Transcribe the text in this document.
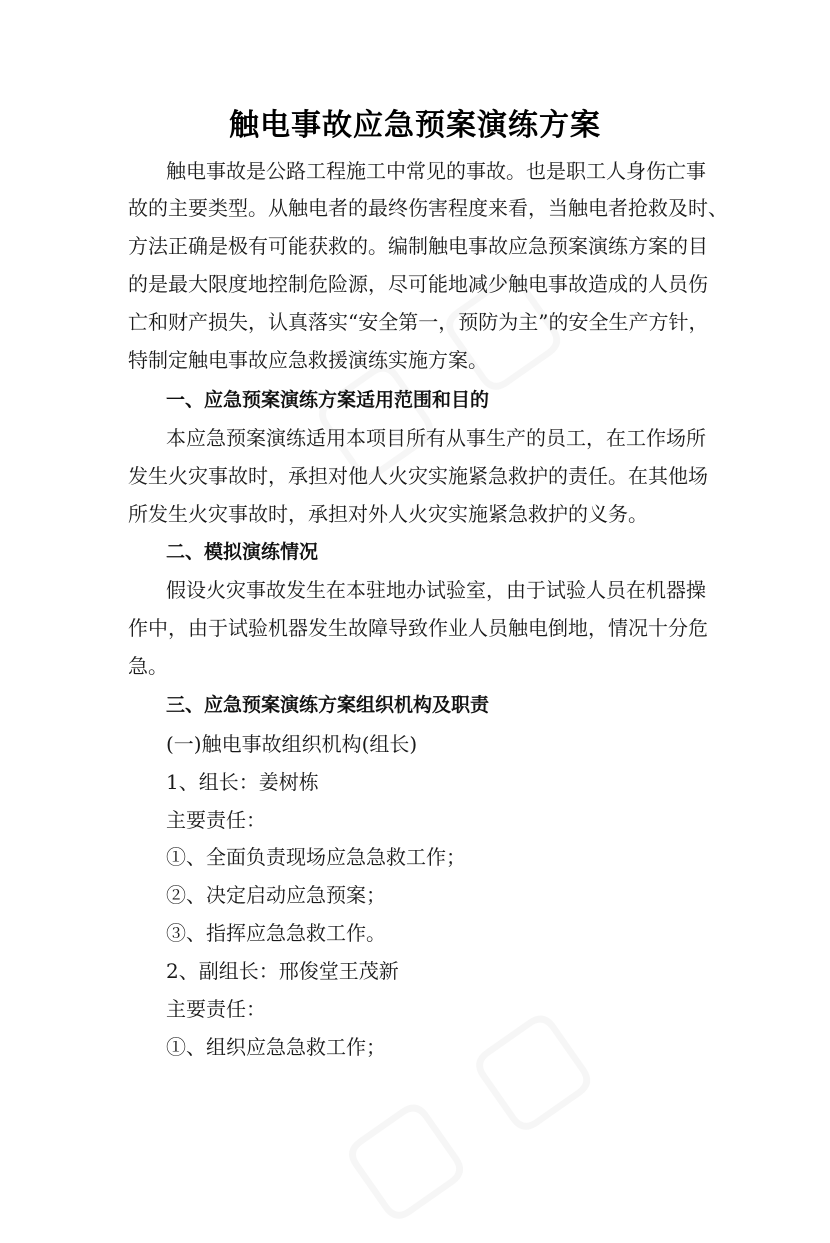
触电事故应急预案演练方案

触电事故是公路工程施工中常见的事故。也是职工人身伤亡事

故的主要类型。从触电者的最终伤害程度来看，当触电者抢救及时、

方法正确是极有可能获救的。编制触电事故应急预案演练方案的目

的是最大限度地控制危险源，尽可能地减少触电事故造成的人员伤

亡和财产损失，认真落实“安全第一，预防为主”的安全生产方针，

特制定触电事故应急救援演练实施方案。

一、应急预案演练方案适用范围和目的

本应急预案演练适用本项目所有从事生产的员工，在工作场所

发生火灾事故时，承担对他人火灾实施紧急救护的责任。在其他场

所发生火灾事故时，承担对外人火灾实施紧急救护的义务。

二、模拟演练情况

假设火灾事故发生在本驻地办试验室，由于试验人员在机器操

作中，由于试验机器发生故障导致作业人员触电倒地，情况十分危

急。

三、应急预案演练方案组织机构及职责

(一)触电事故组织机构(组长)

1、组长：姜树栋

主要责任：

①、全面负责现场应急急救工作；

②、决定启动应急预案；

③、指挥应急急救工作。

2、副组长：邢俊堂王茂新

主要责任：

①、组织应急急救工作；
